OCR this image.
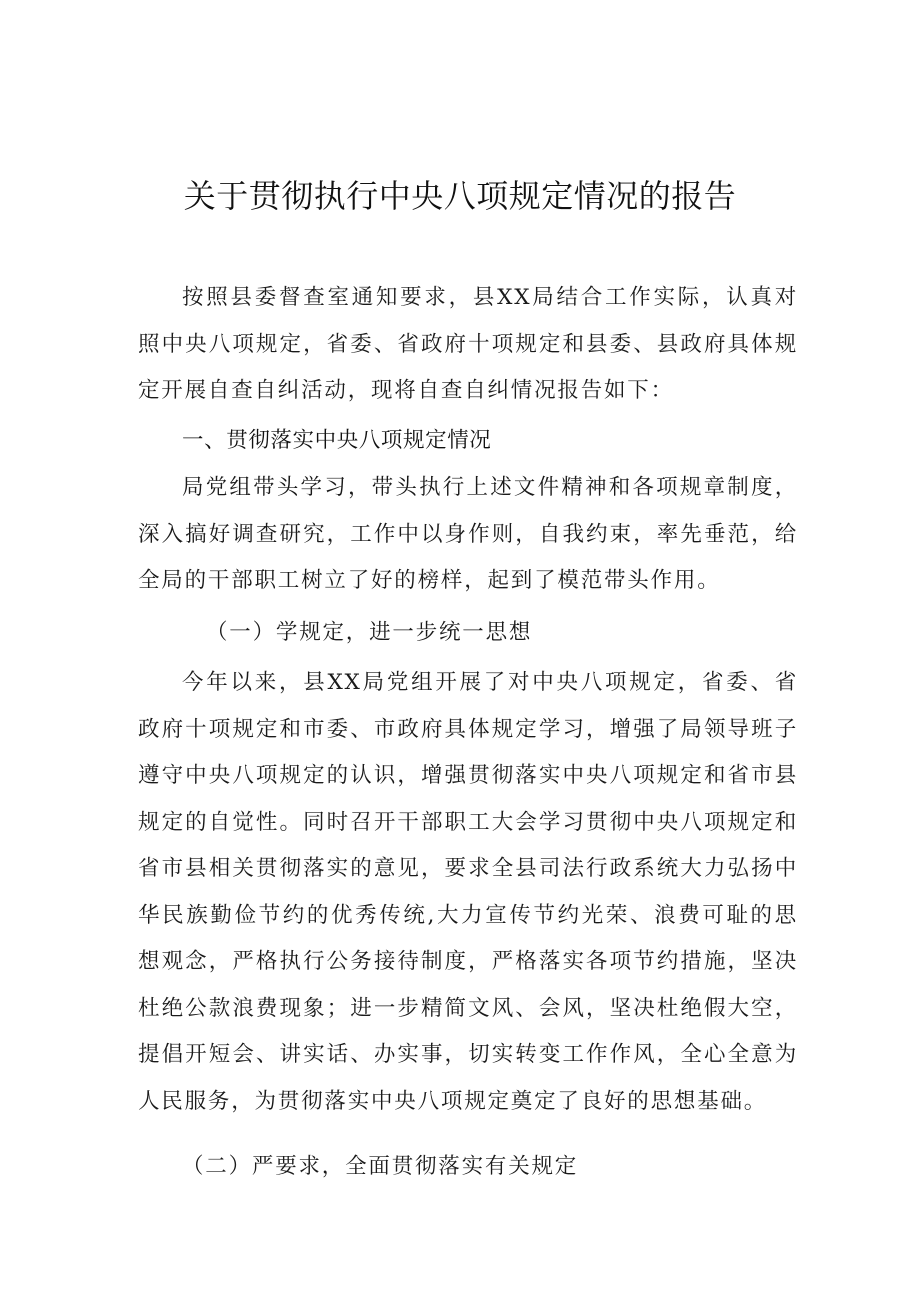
关于贯彻执行中央八项规定情况的报告

按照县委督查室通知要求，县XX局结合工作实际，认真对照中央八项规定，省委、省政府十项规定和县委、县政府具体规定开展自查自纠活动，现将自查自纠情况报告如下：

一、贯彻落实中央八项规定情况

局党组带头学习，带头执行上述文件精神和各项规章制度，深入搞好调查研究，工作中以身作则，自我约束，率先垂范，给全局的干部职工树立了好的榜样，起到了模范带头作用。

（一）学规定，进一步统一思想

今年以来，县XX局党组开展了对中央八项规定，省委、省政府十项规定和市委、市政府具体规定学习，增强了局领导班子遵守中央八项规定的认识，增强贯彻落实中央八项规定和省市县规定的自觉性。同时召开干部职工大会学习贯彻中央八项规定和省市县相关贯彻落实的意见，要求全县司法行政系统大力弘扬中华民族勤俭节约的优秀传统,大力宣传节约光荣、浪费可耻的思想观念，严格执行公务接待制度，严格落实各项节约措施，坚决杜绝公款浪费现象；进一步精简文风、会风，坚决杜绝假大空，提倡开短会、讲实话、办实事，切实转变工作作风，全心全意为人民服务，为贯彻落实中央八项规定奠定了良好的思想基础。

（二）严要求，全面贯彻落实有关规定
